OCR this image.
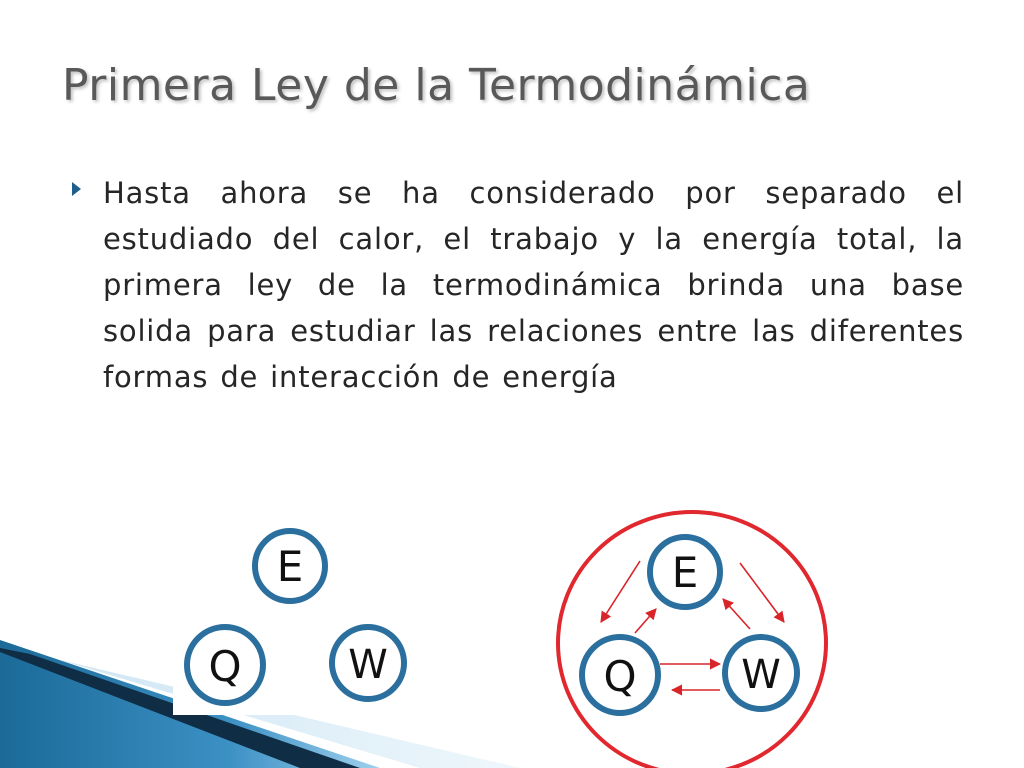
Primera Ley de la Termodinámica

Hasta ahora se ha considerado por separado el estudiado del calor, el trabajo y la energía total, la primera ley de la termodinámica brinda una base solida para estudiar las relaciones entre las diferentes formas de interacción de energía

E
Q	W
E
Q	W
